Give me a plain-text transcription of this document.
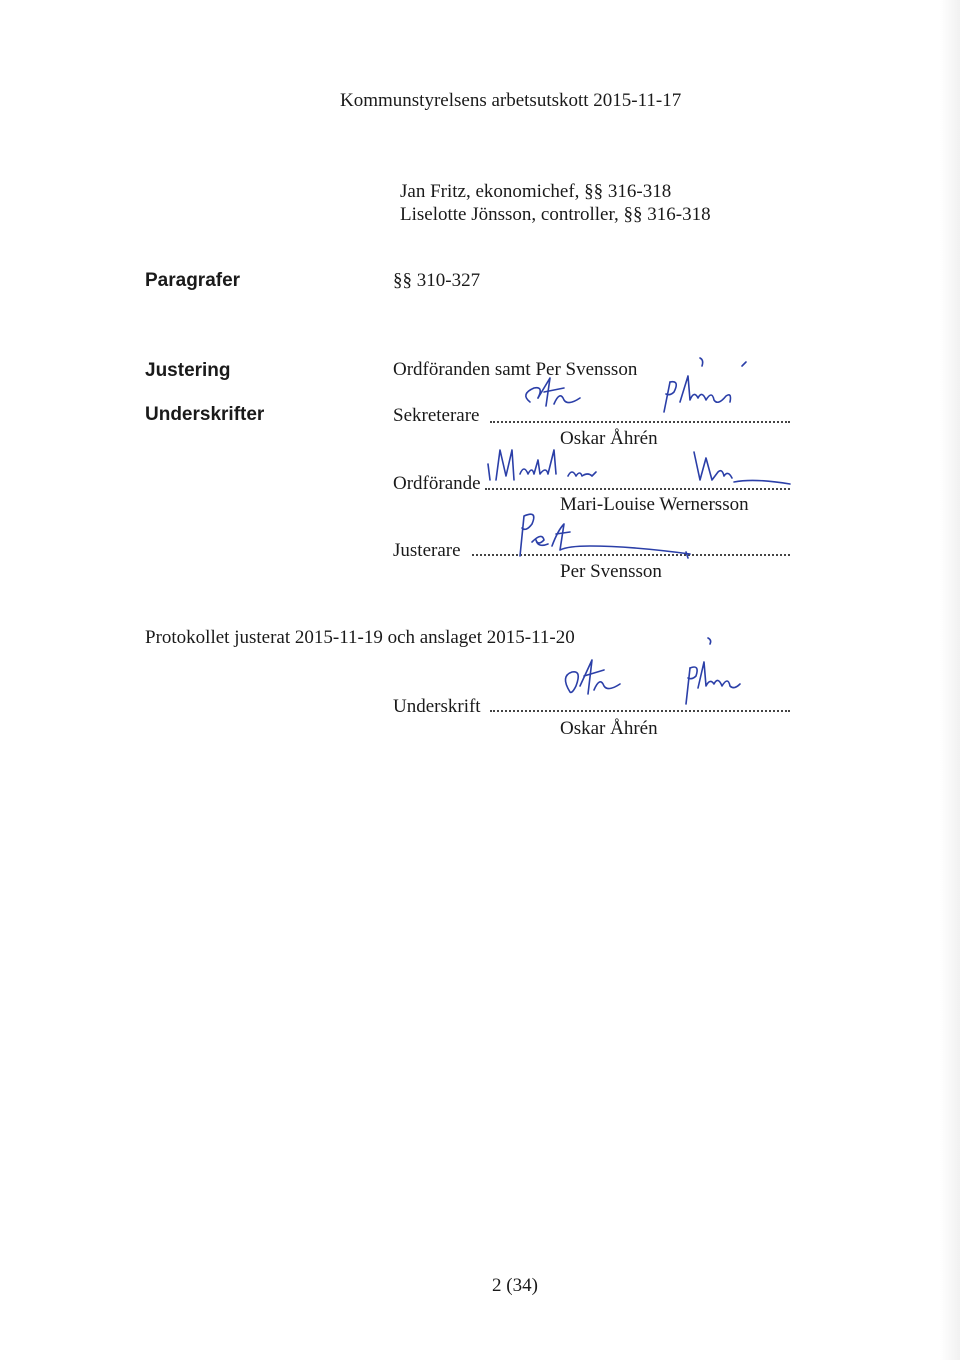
Kommunstyrelsens arbetsutskott 2015-11-17
Jan Fritz, ekonomichef, §§ 316-318
Liselotte Jönsson, controller, §§ 316-318
Paragrafer	§§ 310-327
Justering	Ordföranden samt Per Svensson
Underskrifter	Sekreterare
Oskar Åhrén
Ordförande
Mari-Louise Wernersson
Justerare
Per Svensson
Protokollet justerat 2015-11-19 och anslaget 2015-11-20
Underskrift
Oskar Åhrén
2 (34)
